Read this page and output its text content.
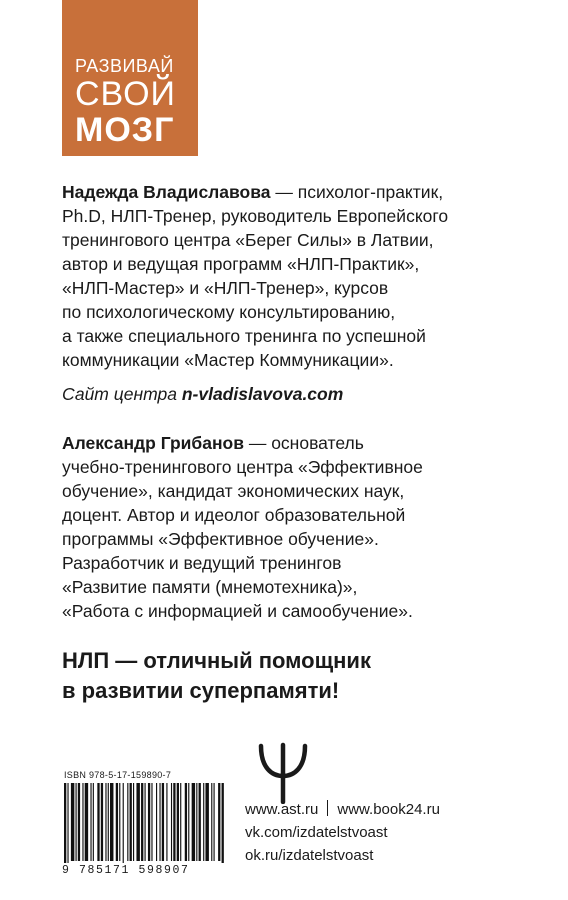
РАЗВИВАЙ
СВОЙ
МОЗГ
Надежда Владиславова — психолог-практик,
Ph.D, НЛП-Тренер, руководитель Европейского
тренингового центра «Берег Силы» в Латвии,
автор и ведущая программ «НЛП-Практик»,
«НЛП-Мастер» и «НЛП-Тренер», курсов
по психологическому консультированию,
а также специального тренинга по успешной
коммуникации «Мастер Коммуникации».
Сайт центра n-vladislavova.com
Александр Грибанов — основатель
учебно-тренингового центра «Эффективное
обучение», кандидат экономических наук,
доцент. Автор и идеолог образовательной
программы «Эффективное обучение».
Разработчик и ведущий тренингов
«Развитие памяти (мнемотехника)»,
«Работа с информацией и самообучение».
НЛП — отличный помощник
в развитии суперпамяти!
ISBN 978-5-17-159890-7
9 785171 598907
www.ast.ru www.book24.ru
vk.com/izdatelstvoast
ok.ru/izdatelstvoast
